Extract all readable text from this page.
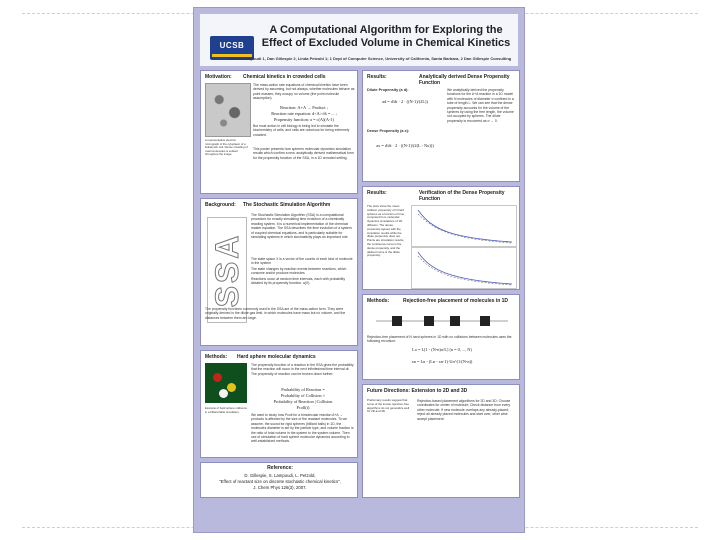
UCSB
A Computational Algorithm for Exploring the Effect of Excluded Volume in Chemical Kinetics
Sotiris Lampoudi 1, Dan Gillespie 2, Linda Petzold 1; 1 Dept of Computer Science, University of California, Santa Barbara, 2 Dan Gillespie Consulting
Motivation: Chemical kinetics in crowded cells
The mass-action rate equations of chemical kinetics have been derived by assuming, but not always, whether molecules behave as point masses; they occupy no volume (the point molecule assumption).
Reaction: A+A → Product ;
Reaction rate equation: d<A>/dt = ... ;
Propensity function: a = c(A)(A-1)
A representative electron micrograph of the cytoplasm of a Eukaryotic cell. Dense crowding of macromolecules is evident throughout the image.
But most action in cell biology is being led to simulate the biochemistry of cells, and cells are notorious for being extremely crowded.
This poster presents how spheres molecular dynamics simulation results which confirm a new, analytically derived mathematical form for the propensity function of the SSA, in a 1D crowded setting.
Background: The Stochastic Simulation Algorithm
SSA
The Stochastic Simulation Algorithm (SSA) is a computational procedure for exactly simulating time evolution of a chemically reacting system. It is a numerical implementation of the chemical master equation. The SSA describes the time evolution of a system of coupled chemical equations, and is particularly suitable for simulating systems in which stochasticity plays an important role.
The state space X is a vector of the counts of each kind of molecule in the system
The state changes by reaction events between reactions, which consume and/or produce molecules
Reactions occur at random time intervals, each with probability dictated by its propensity function, a(X).
The propensity functions commonly used in the SSA are of the mass-action form. They were originally derived in the dilute gas limit, in which molecules have mass but no volume, and the distances between them are large.
Methods: Hard sphere molecular dynamics
Example of hard sphere collisions in a billiard table simulation.
The propensity function of a reaction in the SSA gives the probability that the reaction will occur in the next infinitesimal time interval dt. The propensity of reaction can be broken down further:
Probability of Reaction =
Probability of Collision ×
Probability of Reaction | Collision
Pcoll(t)
We want to study how Pcoll for a bimolecular reaction A+A → products is affected by the size of the reactant molecules. To we assume, the sound for rigid spheres (billiard balls) in 1D, the molecules diameter is set by the particle type, and volume fraction is the ratio of total volume in the system to the system volume. Then use of simulation of hard sphere molecular dynamics according to well-established methods.
Reference:
D. Gillespie, S. Lampoudi, L. Petzold,
"Effect of reactant size on discrete stochastic chemical kinetics",
J. Chem Phys 126(3), 2007.
Results:	Analytically derived Dense Propensity Function
Dilute Propensity (a d):
ad = d/dt · 2 · ((N-1)/(2L))
Dense Propensity (a x):
ax = d/dt · 2 · ((N-1)/(2(L - Nσ)))
We analytically derived the propensity functions for the A+A reaction in a 1D model with N molecules of diameter σ confined in a tube of length L. We can see that the dense propensity accounts for the volume of the spheres by using the free length, the volume not occupied by spheres. The dilute propensity is recovered as σ → 0.
Results:	Verification of the Dense Propensity Function
The plots show the mean collision propensity of N hard spheres as a function of time, computed from molecular dynamics simulations of 1D diffusion. The dense propensity agrees with the simulation results while the dilute propensity does not. Points are simulation results, the continuous curve is the dense propensity, and the dashed curve is the dilute propensity.
Methods:	Rejection-free placement of molecules in 1D
Rejection-free placement of N hard spheres in 1D with no collisions between molecules uses the following recursion:
Lo = L[1 - (N-n)σ/L] (n = 0, ..., N)
xn = Ln - (Ln - xn-1)·Un^(1/(N-n))
Future Directions: Extension to 2D and 3D
Preliminary results suggest that some of the known rejection-free algorithms do not generalize well for 2D and 3D.
Rejection-based placement algorithms for 2D and 3D: Choose coordinates for center of molecule; Check distance from every other molecule; If new molecule overlaps any already-placed, reject all already placed molecules and start over, other wise accept placement.
